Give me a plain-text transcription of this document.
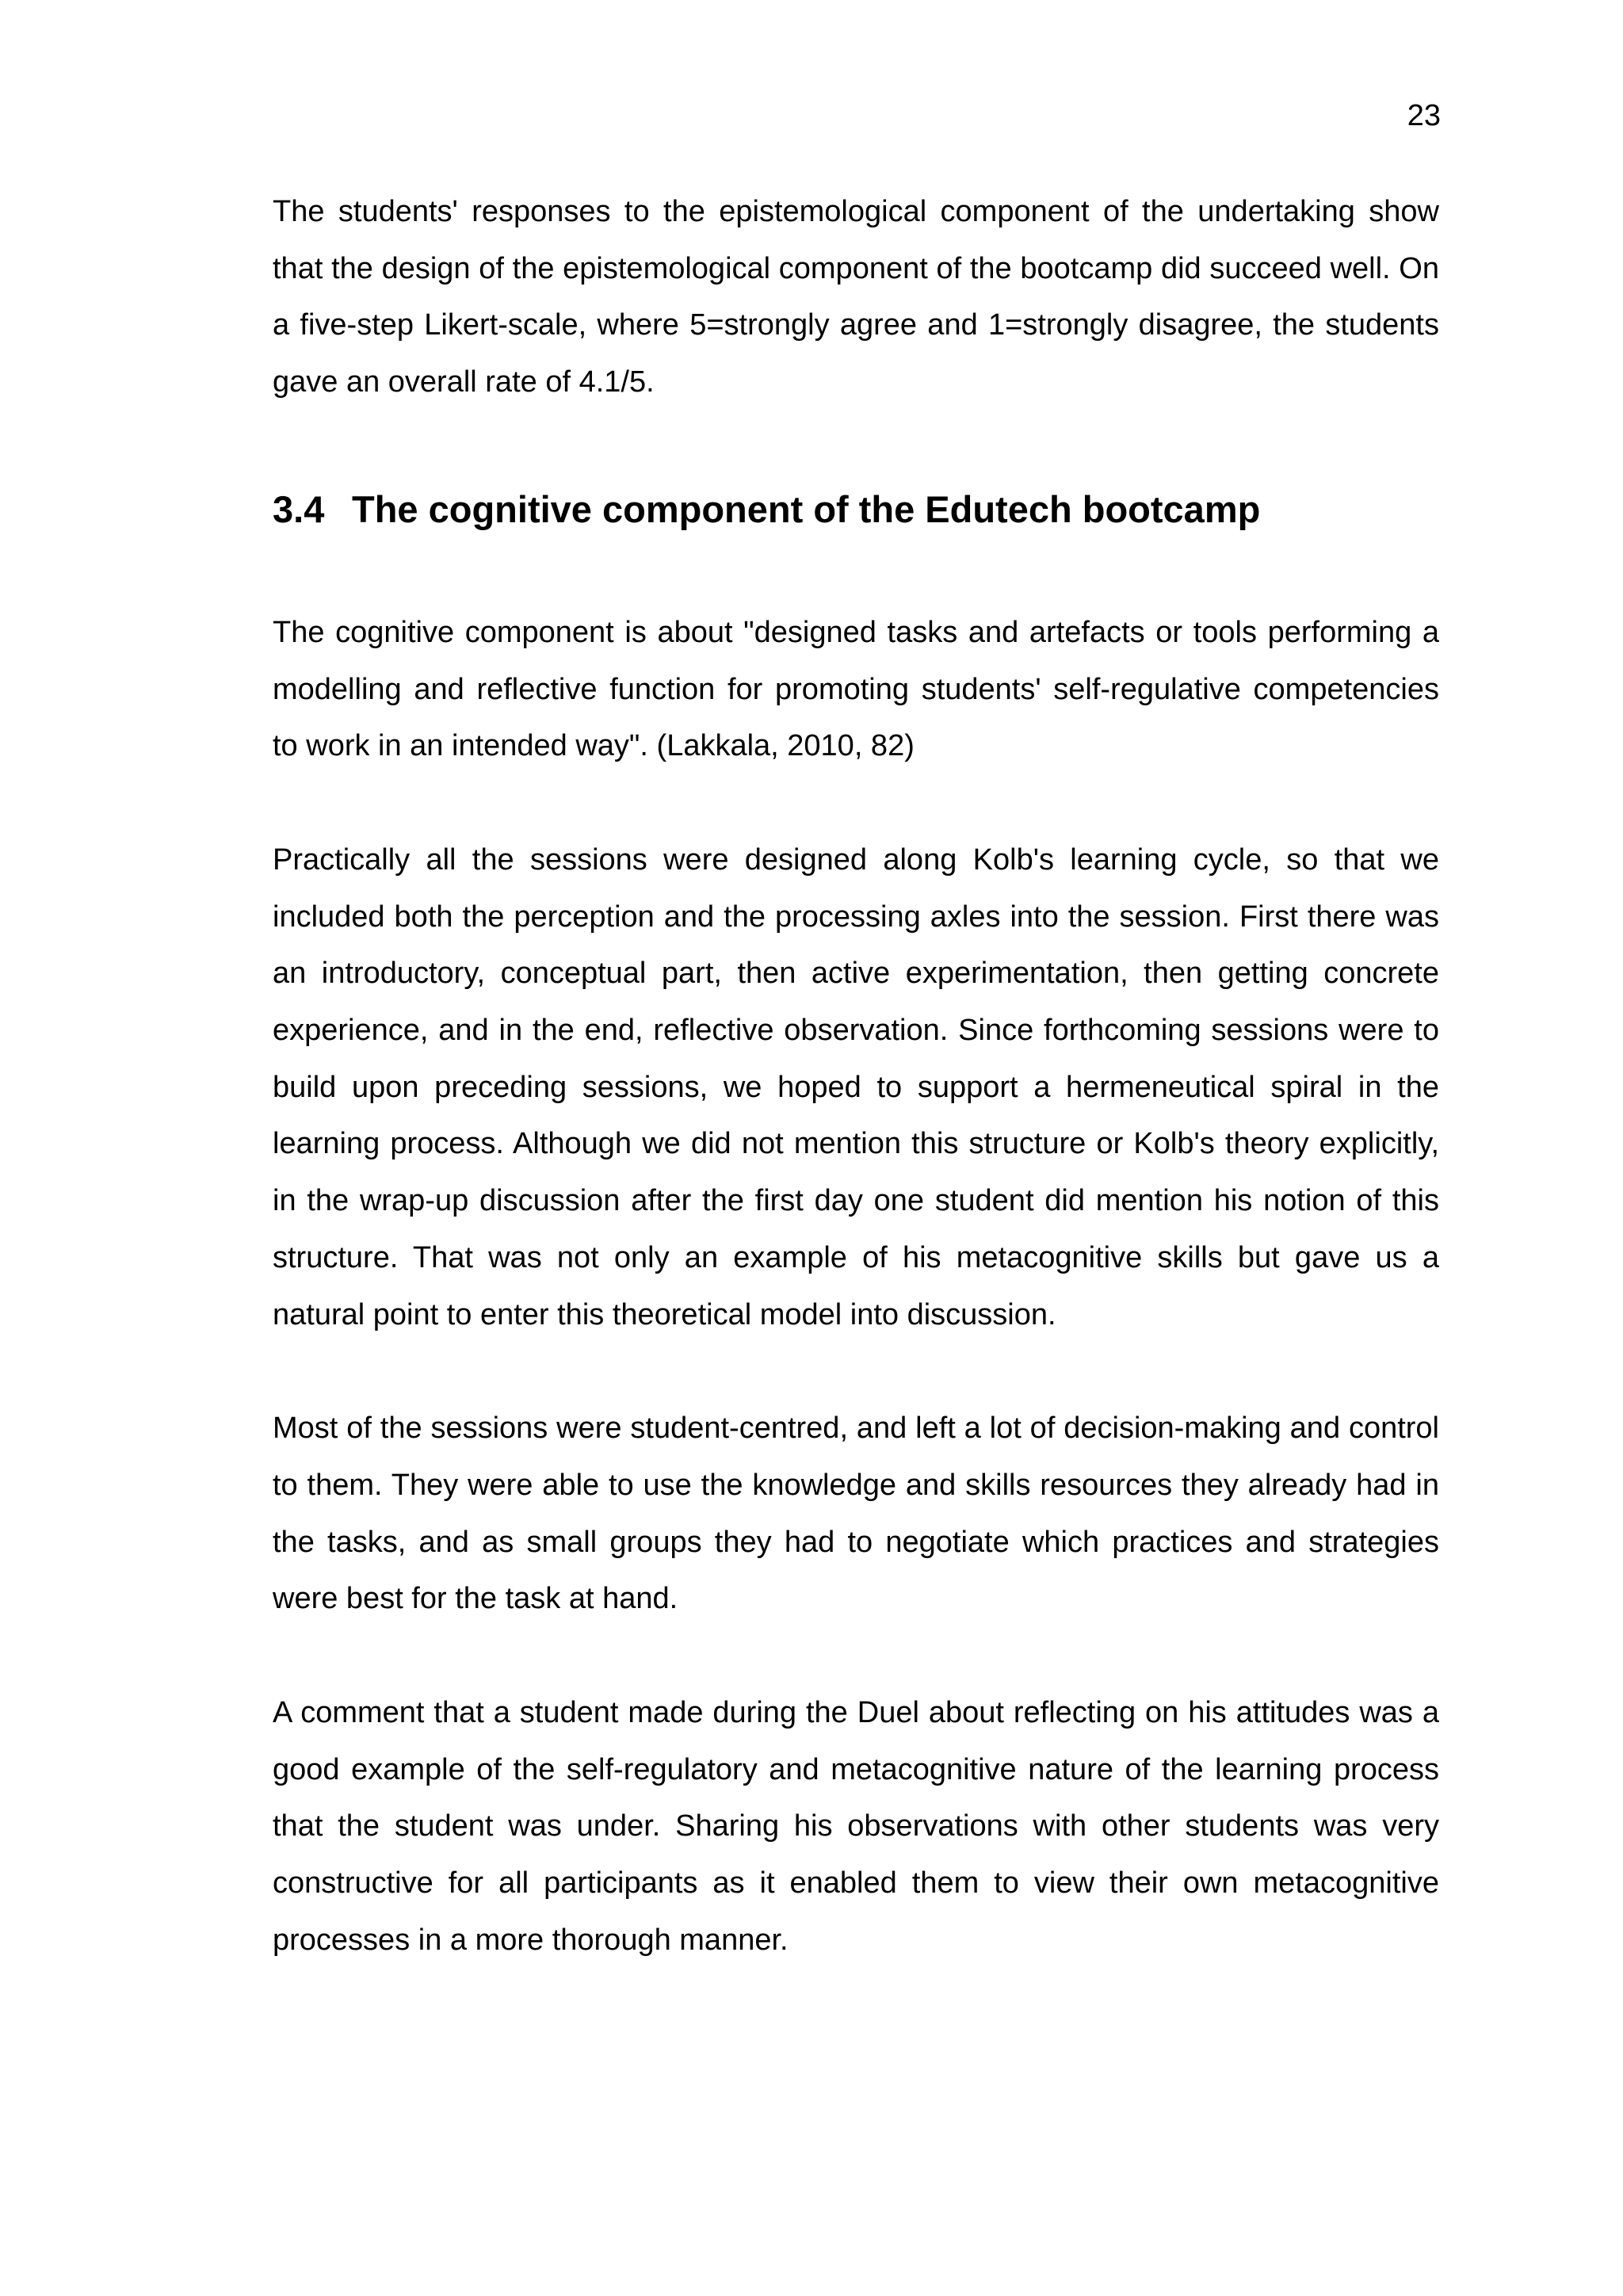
23

The students' responses to the epistemological component of the undertaking show that the design of the epistemological component of the bootcamp did succeed well. On a five-step Likert-scale, where 5=strongly agree and 1=strongly disagree, the students gave an overall rate of 4.1/5.

3.4 The cognitive component of the Edutech bootcamp

The cognitive component is about "designed tasks and artefacts or tools performing a modelling and reflective function for promoting students' self-regulative competencies to work in an intended way". (Lakkala, 2010, 82)

Practically all the sessions were designed along Kolb's learning cycle, so that we included both the perception and the processing axles into the session. First there was an introductory, conceptual part, then active experimentation, then getting concrete experience, and in the end, reflective observation. Since forthcoming sessions were to build upon preceding sessions, we hoped to support a hermeneutical spiral in the learning process. Although we did not mention this structure or Kolb's theory explicitly, in the wrap-up discussion after the first day one student did mention his notion of this structure. That was not only an example of his metacognitive skills but gave us a natural point to enter this theoretical model into discussion.

Most of the sessions were student-centred, and left a lot of decision-making and control to them. They were able to use the knowledge and skills resources they already had in the tasks, and as small groups they had to negotiate which practices and strategies were best for the task at hand.

A comment that a student made during the Duel about reflecting on his attitudes was a good example of the self-regulatory and metacognitive nature of the learning process that the student was under. Sharing his observations with other students was very constructive for all participants as it enabled them to view their own metacognitive processes in a more thorough manner.
